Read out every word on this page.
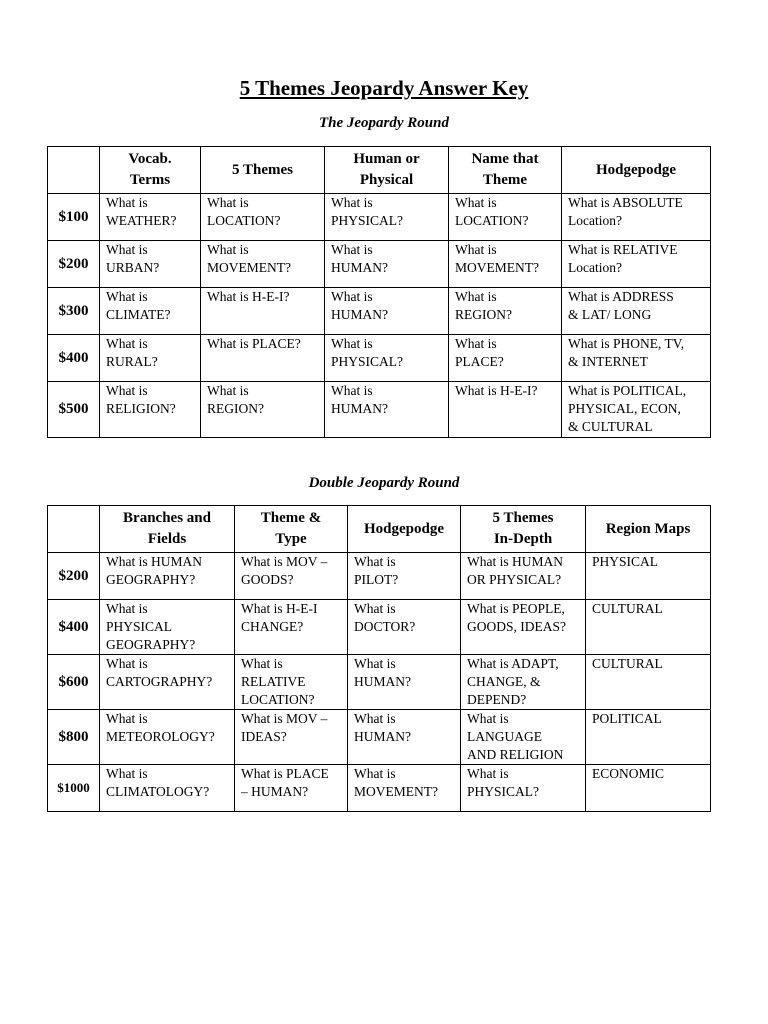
5 Themes Jeopardy Answer Key
The Jeopardy Round
Double Jeopardy Round
	Vocab.
Terms	5 Themes	Human or
Physical	Name that
Theme	Hodgepodge
$100	What is
WEATHER?	What is
LOCATION?	What is
PHYSICAL?	What is
LOCATION?	What is ABSOLUTE
Location?
$200	What is
URBAN?	What is
MOVEMENT?	What is
HUMAN?	What is
MOVEMENT?	What is RELATIVE
Location?
$300	What is
CLIMATE?	What is H-E-I?	What is
HUMAN?	What is
REGION?	What is ADDRESS
& LAT/ LONG
$400	What is
RURAL?	What is PLACE?	What is
PHYSICAL?	What is
PLACE?	What is PHONE, TV,
& INTERNET
$500	What is
RELIGION?	What is
REGION?	What is
HUMAN?	What is H-E-I?	What is POLITICAL,
PHYSICAL, ECON,
& CULTURAL
	Branches and
Fields	Theme &
Type	Hodgepodge	5 Themes
In-Depth	Region Maps
$200	What is HUMAN
GEOGRAPHY?	What is MOV –
GOODS?	What is
PILOT?	What is HUMAN
OR PHYSICAL?	PHYSICAL
$400	What is
PHYSICAL
GEOGRAPHY?	What is H-E-I
CHANGE?	What is
DOCTOR?	What is PEOPLE,
GOODS, IDEAS?	CULTURAL
$600	What is
CARTOGRAPHY?	What is
RELATIVE
LOCATION?	What is
HUMAN?	What is ADAPT,
CHANGE, &
DEPEND?	CULTURAL
$800	What is
METEOROLOGY?	What is MOV –
IDEAS?	What is
HUMAN?	What is
LANGUAGE
AND RELIGION	POLITICAL
$1000	What is
CLIMATOLOGY?	What is PLACE
– HUMAN?	What is
MOVEMENT?	What is
PHYSICAL?	ECONOMIC
